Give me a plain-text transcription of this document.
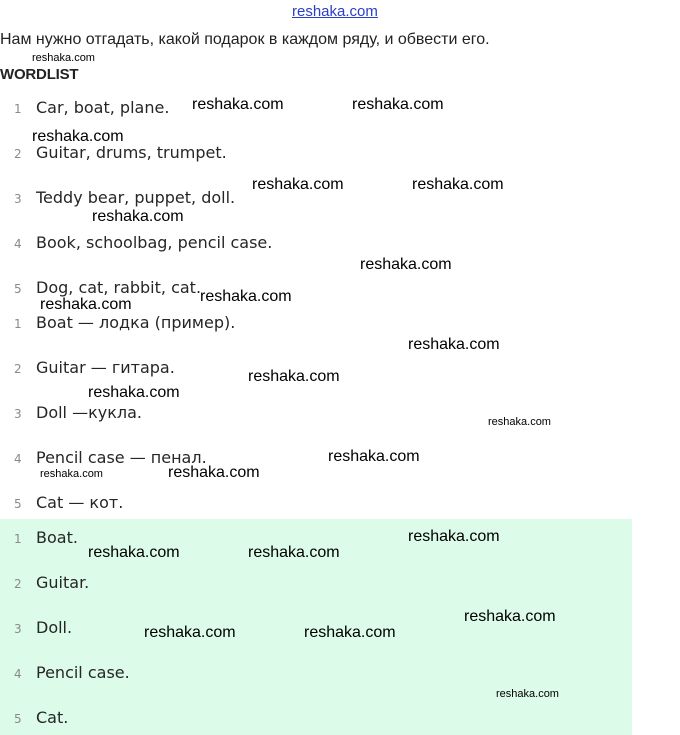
reshaka.com
Нам нужно отгадать, какой подарок в каждом ряду, и обвести его.
WORDLIST
1 Car, boat, plane.
2 Guitar, drums, trumpet.
3 Teddy bear, puppet, doll.
4 Book, schoolbag, pencil case.
5 Dog, cat, rabbit, cat.
1 Boat — лодка (пример).
2 Guitar — гитара.
3 Doll —кукла.
4 Pencil case — пенал.
5 Cat — кот.
1 Boat.
2 Guitar.
3 Doll.
4 Pencil case.
5 Cat.
reshaka.com
reshaka.com	reshaka.com
reshaka.com
reshaka.com	reshaka.com
reshaka.com
reshaka.com
reshaka.com
reshaka.com
reshaka.com
reshaka.com
reshaka.com
reshaka.com
reshaka.com
reshaka.com	reshaka.com
reshaka.com
reshaka.com	reshaka.com
reshaka.com
reshaka.com	reshaka.com
reshaka.com
